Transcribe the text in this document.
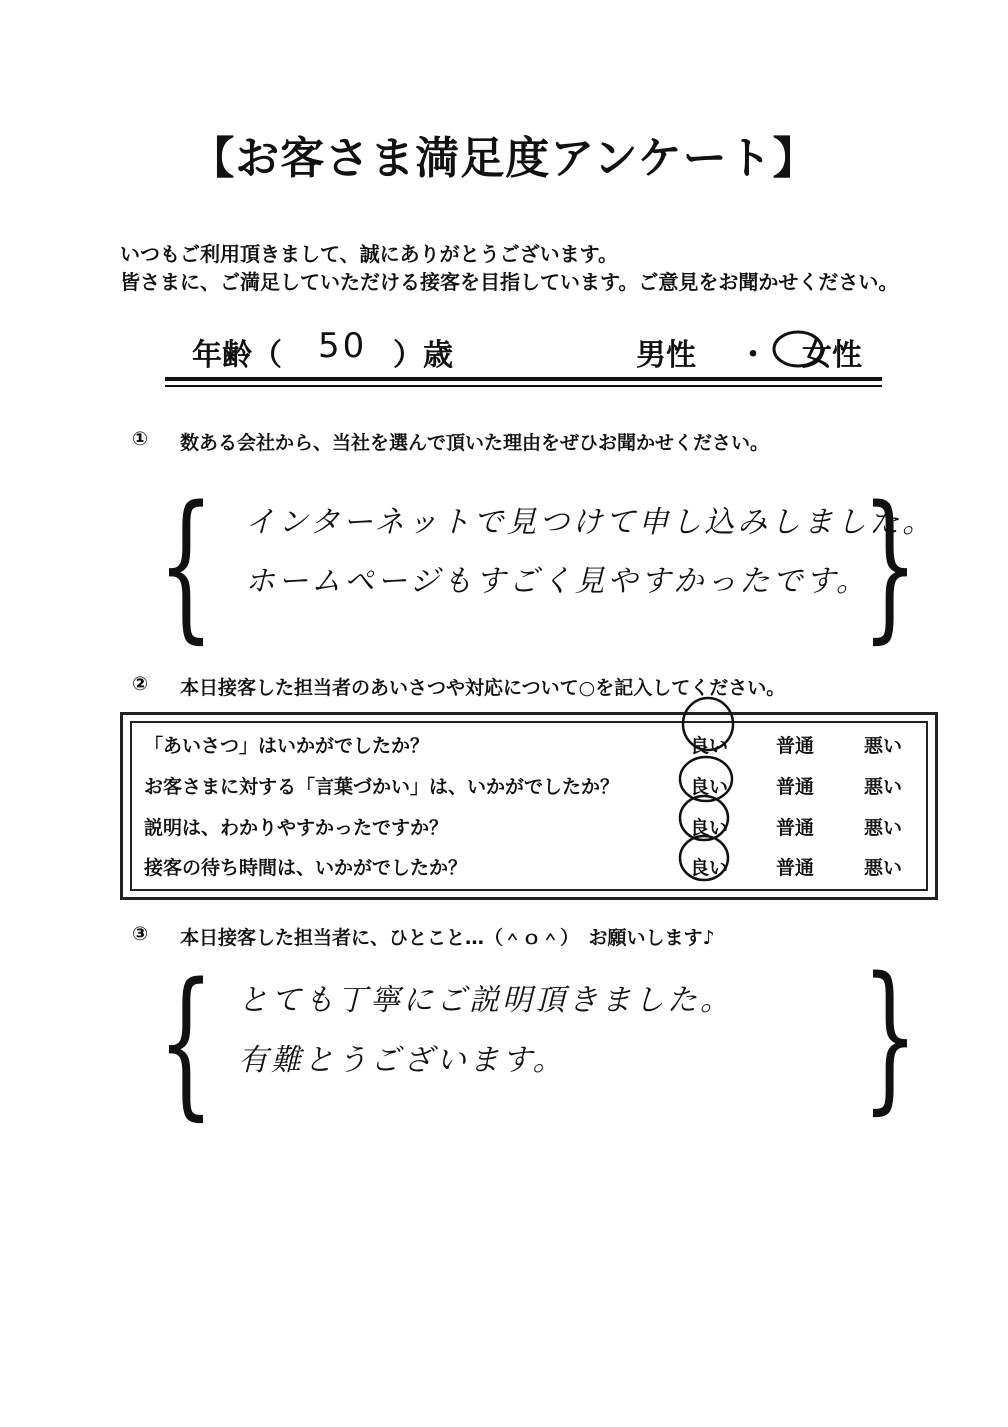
【お客さま満足度アンケート】
いつもご利用頂きまして、誠にありがとうございます。
皆さまに、ご満足していただける接客を目指しています。ご意見をお聞かせください。
年齢（ 50 ）歳	男性 ・ 女性
① 数ある会社から、当社を選んで頂いた理由をぜひお聞かせください。
{	}
インターネットで見つけて申し込みしました。
ホームページもすごく見やすかったです。
② 本日接客した担当者のあいさつや対応について○を記入してください。
「あいさつ」はいかがでしたか？	良い	普通	悪い
お客さまに対する「言葉づかい」は、いかがでしたか？	良い	普通	悪い
説明は、わかりやすかったですか？	良い	普通	悪い
接客の待ち時間は、いかがでしたか？	良い	普通	悪い
③ 本日接客した担当者に、ひとこと…（＾ｏ＾）　お願いします♪
{	}
とても丁寧にご説明頂きました。
有難とうございます。
